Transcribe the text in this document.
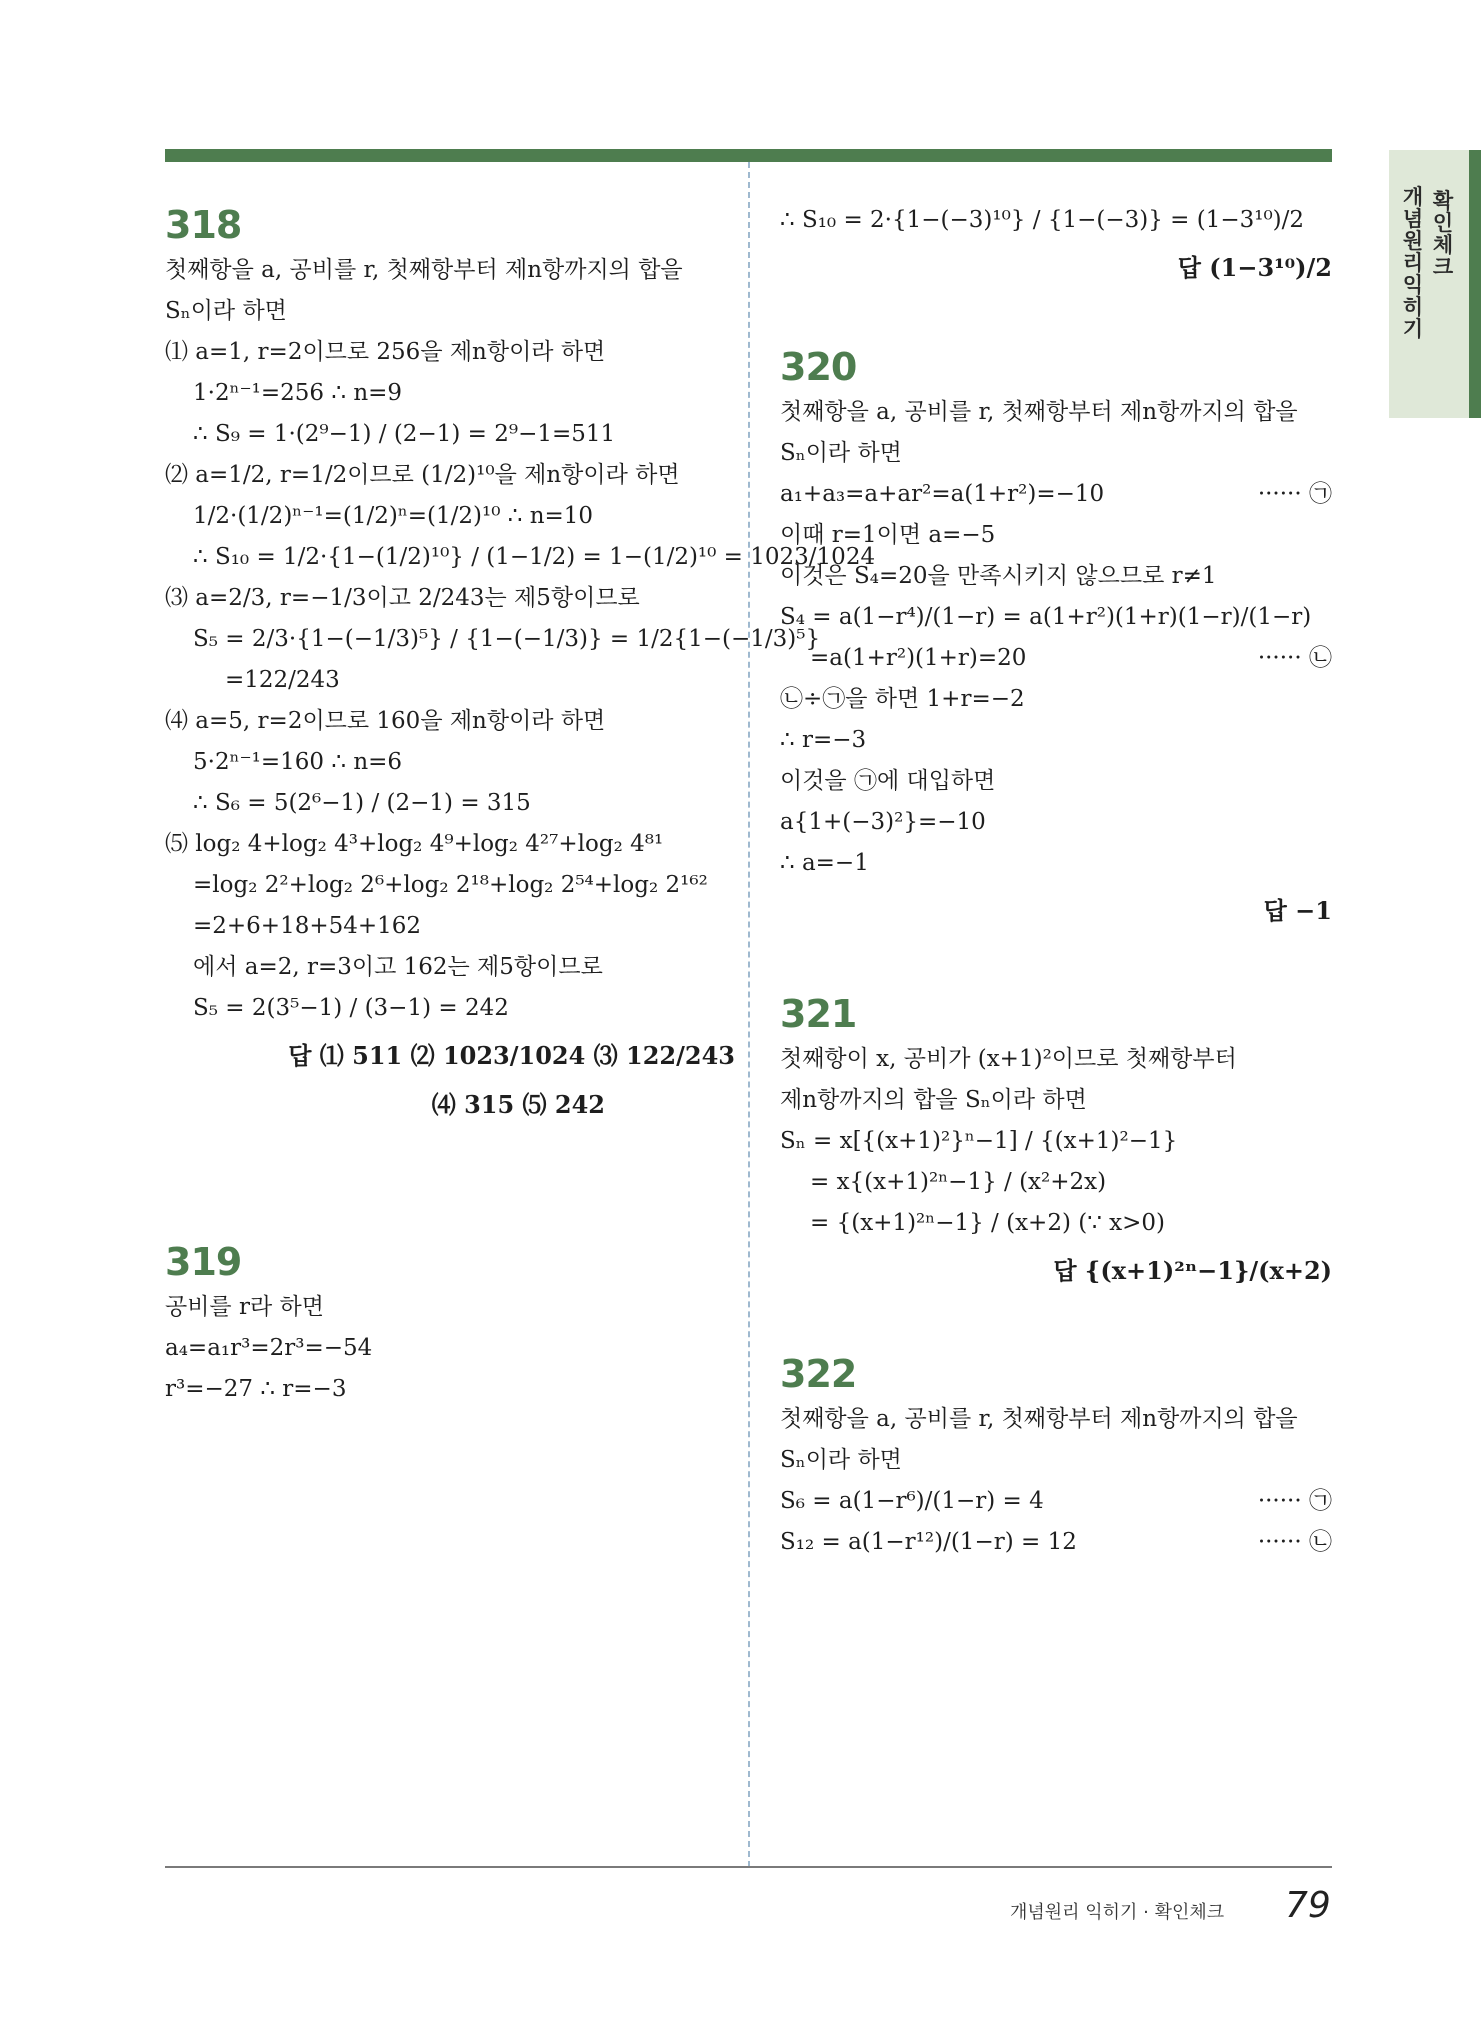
개념원리 익히기
확인체크
318
첫째항을 a, 공비를 r, 첫째항부터 제n항까지의 합을
Sₙ이라 하면
⑴ a=1, r=2이므로 256을 제n항이라 하면
1·2ⁿ⁻¹=256 ∴ n=9
∴ S₉ = 1·(2⁹−1) / (2−1) = 2⁹−1=511
⑵ a=1/2, r=1/2이므로 (1/2)¹⁰을 제n항이라 하면
1/2·(1/2)ⁿ⁻¹=(1/2)ⁿ=(1/2)¹⁰ ∴ n=10
∴ S₁₀ = 1/2·{1−(1/2)¹⁰} / (1−1/2) = 1−(1/2)¹⁰ = 1023/1024
⑶ a=2/3, r=−1/3이고 2/243는 제5항이므로
S₅ = 2/3·{1−(−1/3)⁵} / {1−(−1/3)} = 1/2{1−(−1/3)⁵}
=122/243
⑷ a=5, r=2이므로 160을 제n항이라 하면
5·2ⁿ⁻¹=160 ∴ n=6
∴ S₆ = 5(2⁶−1) / (2−1) = 315
⑸ log₂ 4+log₂ 4³+log₂ 4⁹+log₂ 4²⁷+log₂ 4⁸¹
=log₂ 2²+log₂ 2⁶+log₂ 2¹⁸+log₂ 2⁵⁴+log₂ 2¹⁶²
=2+6+18+54+162
에서 a=2, r=3이고 162는 제5항이므로
S₅ = 2(3⁵−1) / (3−1) = 242
답 ⑴ 511 ⑵ 1023/1024 ⑶ 122/243
⑷ 315 ⑸ 242
319
공비를 r라 하면
a₄=a₁r³=2r³=−54
r³=−27 ∴ r=−3
∴ S₁₀ = 2·{1−(−3)¹⁰} / {1−(−3)} = (1−3¹⁰)/2
답 (1−3¹⁰)/2
320
첫째항을 a, 공비를 r, 첫째항부터 제n항까지의 합을
Sₙ이라 하면
a₁+a₃=a+ar²=a(1+r²)=−10	······ ㉠
이때 r=1이면 a=−5
이것은 S₄=20을 만족시키지 않으므로 r≠1
S₄ = a(1−r⁴)/(1−r) = a(1+r²)(1+r)(1−r)/(1−r)
=a(1+r²)(1+r)=20	······ ㉡
㉡÷㉠을 하면 1+r=−2
∴ r=−3
이것을 ㉠에 대입하면
a{1+(−3)²}=−10
∴ a=−1
답 −1
321
첫째항이 x, 공비가 (x+1)²이므로 첫째항부터
제n항까지의 합을 Sₙ이라 하면
Sₙ = x[{(x+1)²}ⁿ−1] / {(x+1)²−1}
= x{(x+1)²ⁿ−1} / (x²+2x)
= {(x+1)²ⁿ−1} / (x+2) (∵ x>0)
답 {(x+1)²ⁿ−1}/(x+2)
322
첫째항을 a, 공비를 r, 첫째항부터 제n항까지의 합을
Sₙ이라 하면
S₆ = a(1−r⁶)/(1−r) = 4	······ ㉠
S₁₂ = a(1−r¹²)/(1−r) = 12	······ ㉡
개념원리 익히기 · 확인체크 79
